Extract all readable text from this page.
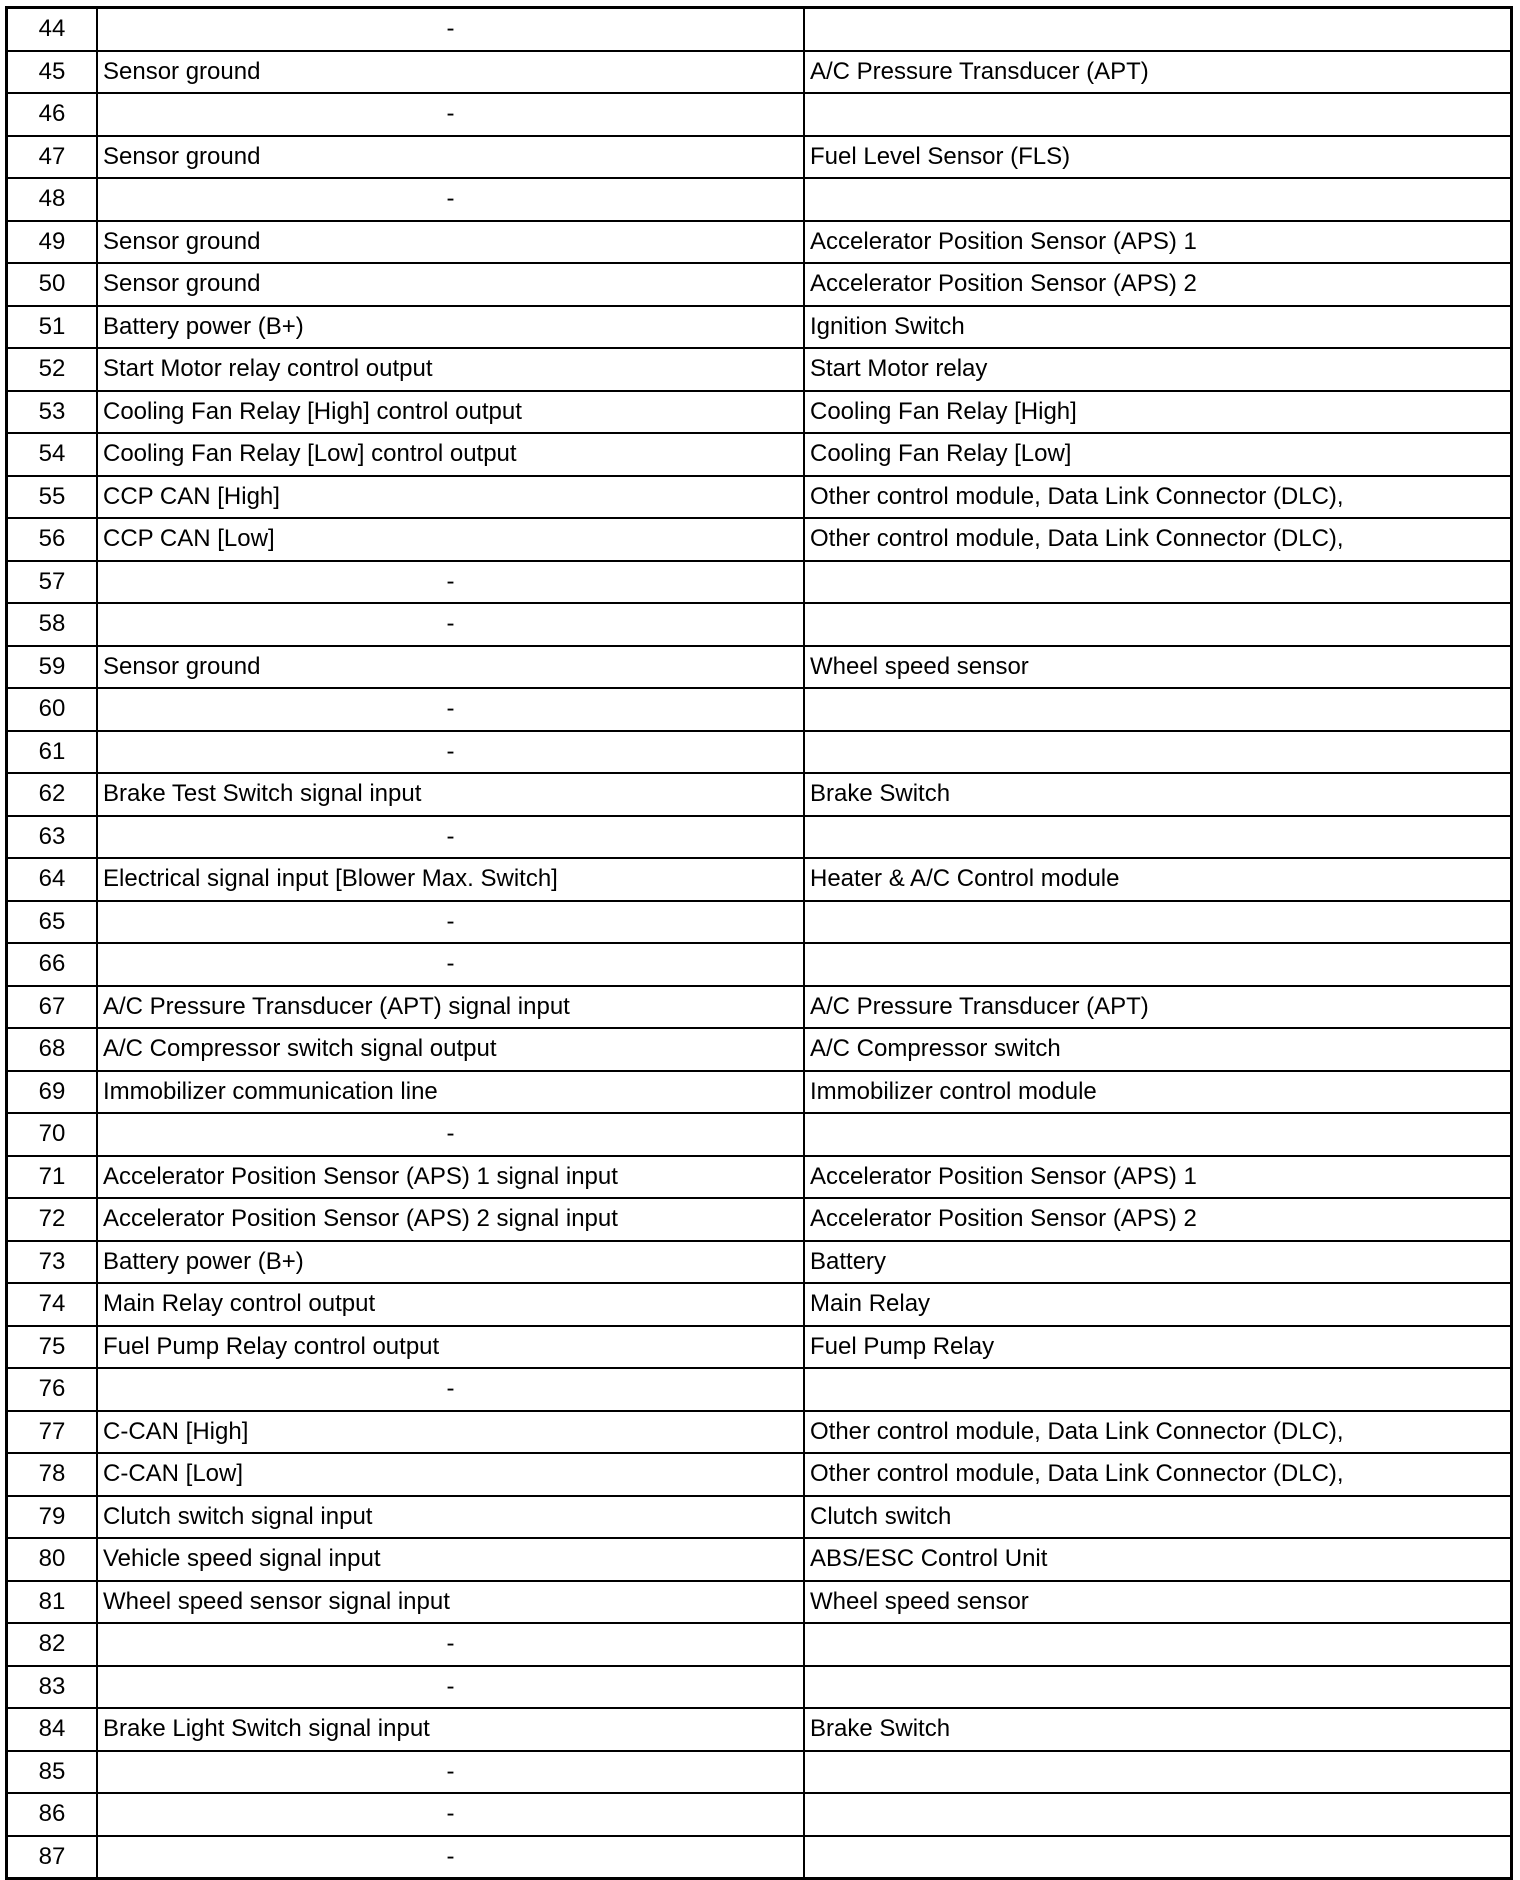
44	-	
45	Sensor ground	A/C Pressure Transducer (APT)
46	-	
47	Sensor ground	Fuel Level Sensor (FLS)
48	-	
49	Sensor ground	Accelerator Position Sensor (APS) 1
50	Sensor ground	Accelerator Position Sensor (APS) 2
51	Battery power (B+)	Ignition Switch
52	Start Motor relay control output	Start Motor relay
53	Cooling Fan Relay [High] control output	Cooling Fan Relay [High]
54	Cooling Fan Relay [Low] control output	Cooling Fan Relay [Low]
55	CCP CAN [High]	Other control module, Data Link Connector (DLC),
56	CCP CAN [Low]	Other control module, Data Link Connector (DLC),
57	-	
58	-	
59	Sensor ground	Wheel speed sensor
60	-	
61	-	
62	Brake Test Switch signal input	Brake Switch
63	-	
64	Electrical signal input [Blower Max. Switch]	Heater & A/C Control module
65	-	
66	-	
67	A/C Pressure Transducer (APT) signal input	A/C Pressure Transducer (APT)
68	A/C Compressor switch signal output	A/C Compressor switch
69	Immobilizer communication line	Immobilizer control module
70	-	
71	Accelerator Position Sensor (APS) 1 signal input	Accelerator Position Sensor (APS) 1
72	Accelerator Position Sensor (APS) 2 signal input	Accelerator Position Sensor (APS) 2
73	Battery power (B+)	Battery
74	Main Relay control output	Main Relay
75	Fuel Pump Relay control output	Fuel Pump Relay
76	-	
77	C-CAN [High]	Other control module, Data Link Connector (DLC),
78	C-CAN [Low]	Other control module, Data Link Connector (DLC),
79	Clutch switch signal input	Clutch switch
80	Vehicle speed signal input	ABS/ESC Control Unit
81	Wheel speed sensor signal input	Wheel speed sensor
82	-	
83	-	
84	Brake Light Switch signal input	Brake Switch
85	-	
86	-	
87	-	
